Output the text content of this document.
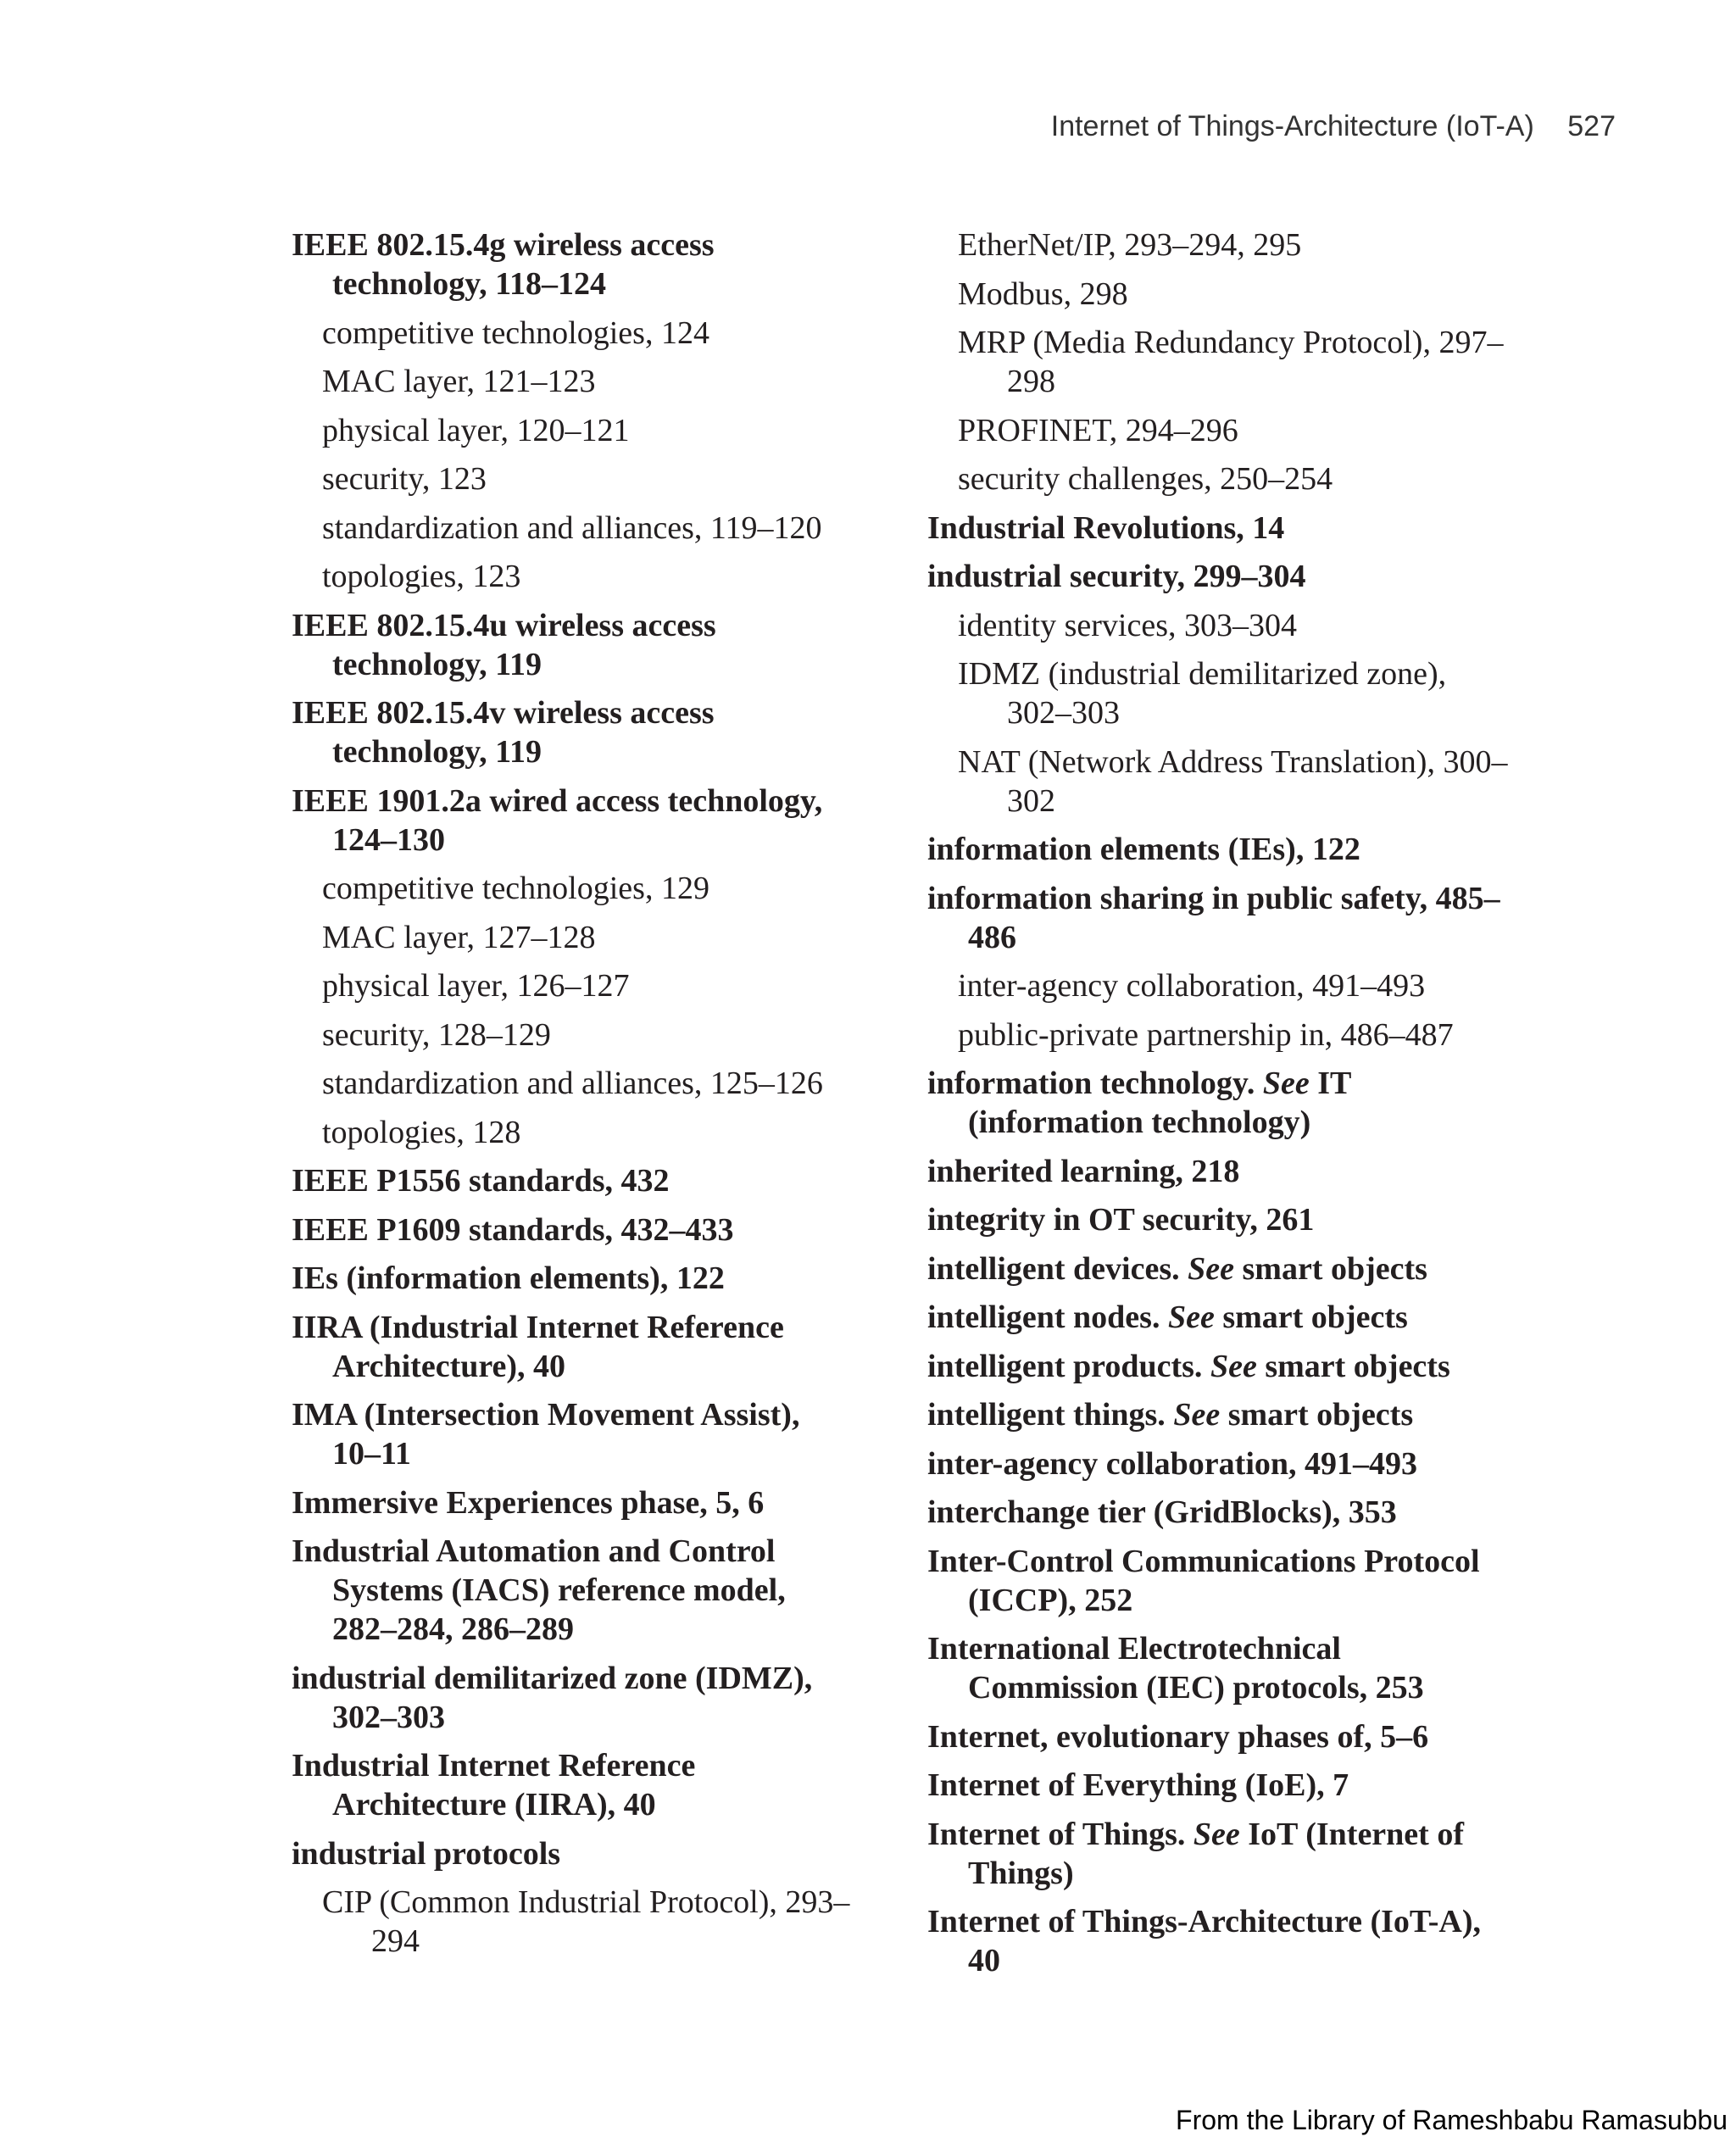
Internet of Things-Architecture (IoT-A) 527
IEEE 802.15.4g wireless access technology, 118–124
competitive technologies, 124
MAC layer, 121–123
physical layer, 120–121
security, 123
standardization and alliances, 119–120
topologies, 123
IEEE 802.15.4u wireless access technology, 119
IEEE 802.15.4v wireless access technology, 119
IEEE 1901.2a wired access technology, 124–130
competitive technologies, 129
MAC layer, 127–128
physical layer, 126–127
security, 128–129
standardization and alliances, 125–126
topologies, 128
IEEE P1556 standards, 432
IEEE P1609 standards, 432–433
IEs (information elements), 122
IIRA (Industrial Internet Reference Architecture), 40
IMA (Intersection Movement Assist), 10–11
Immersive Experiences phase, 5, 6
Industrial Automation and Control Systems (IACS) reference model, 282–284, 286–289
industrial demilitarized zone (IDMZ), 302–303
Industrial Internet Reference Architecture (IIRA), 40
industrial protocols
CIP (Common Industrial Protocol), 293–294
EtherNet/IP, 293–294, 295
Modbus, 298
MRP (Media Redundancy Protocol), 297–298
PROFINET, 294–296
security challenges, 250–254
Industrial Revolutions, 14
industrial security, 299–304
identity services, 303–304
IDMZ (industrial demilitarized zone), 302–303
NAT (Network Address Translation), 300–302
information elements (IEs), 122
information sharing in public safety, 485–486
inter-agency collaboration, 491–493
public-private partnership in, 486–487
information technology. See IT (information technology)
inherited learning, 218
integrity in OT security, 261
intelligent devices. See smart objects
intelligent nodes. See smart objects
intelligent products. See smart objects
intelligent things. See smart objects
inter-agency collaboration, 491–493
interchange tier (GridBlocks), 353
Inter-Control Communications Protocol (ICCP), 252
International Electrotechnical Commission (IEC) protocols, 253
Internet, evolutionary phases of, 5–6
Internet of Everything (IoE), 7
Internet of Things. See IoT (Internet of Things)
Internet of Things-Architecture (IoT-A), 40
From the Library of Rameshbabu Ramasubbu
